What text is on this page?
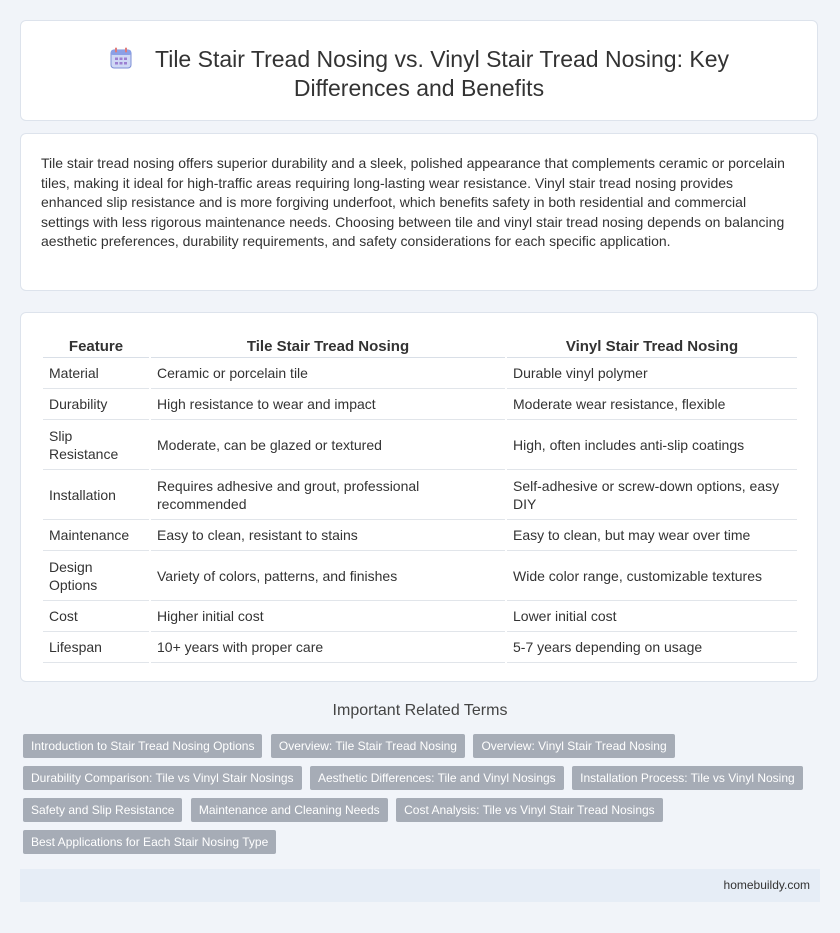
Tile Stair Tread Nosing vs. Vinyl Stair Tread Nosing: Key
Differences and Benefits

Tile stair tread nosing offers superior durability and a sleek, polished appearance that complements ceramic or porcelain tiles, making it ideal for high-traffic areas requiring long-lasting wear resistance. Vinyl stair tread nosing provides enhanced slip resistance and is more forgiving underfoot, which benefits safety in both residential and commercial settings with less rigorous maintenance needs. Choosing between tile and vinyl stair tread nosing depends on balancing aesthetic preferences, durability requirements, and safety considerations for each specific application.

Feature	Tile Stair Tread Nosing	Vinyl Stair Tread Nosing
Material	Ceramic or porcelain tile	Durable vinyl polymer
Durability	High resistance to wear and impact	Moderate wear resistance, flexible
Slip Resistance	Moderate, can be glazed or textured	High, often includes anti-slip coatings
Installation	Requires adhesive and grout, professional recommended	Self-adhesive or screw-down options, easy DIY
Maintenance	Easy to clean, resistant to stains	Easy to clean, but may wear over time
Design Options	Variety of colors, patterns, and finishes	Wide color range, customizable textures
Cost	Higher initial cost	Lower initial cost
Lifespan	10+ years with proper care	5-7 years depending on usage
Important Related Terms
Introduction to Stair Tread Nosing Options Overview: Tile Stair Tread Nosing Overview: Vinyl Stair Tread Nosing Durability Comparison: Tile vs Vinyl Stair Nosings Aesthetic Differences: Tile and Vinyl Nosings Installation Process: Tile vs Vinyl Nosing Safety and Slip Resistance Maintenance and Cleaning Needs Cost Analysis: Tile vs Vinyl Stair Tread Nosings Best Applications for Each Stair Nosing Type
homebuildy.com
